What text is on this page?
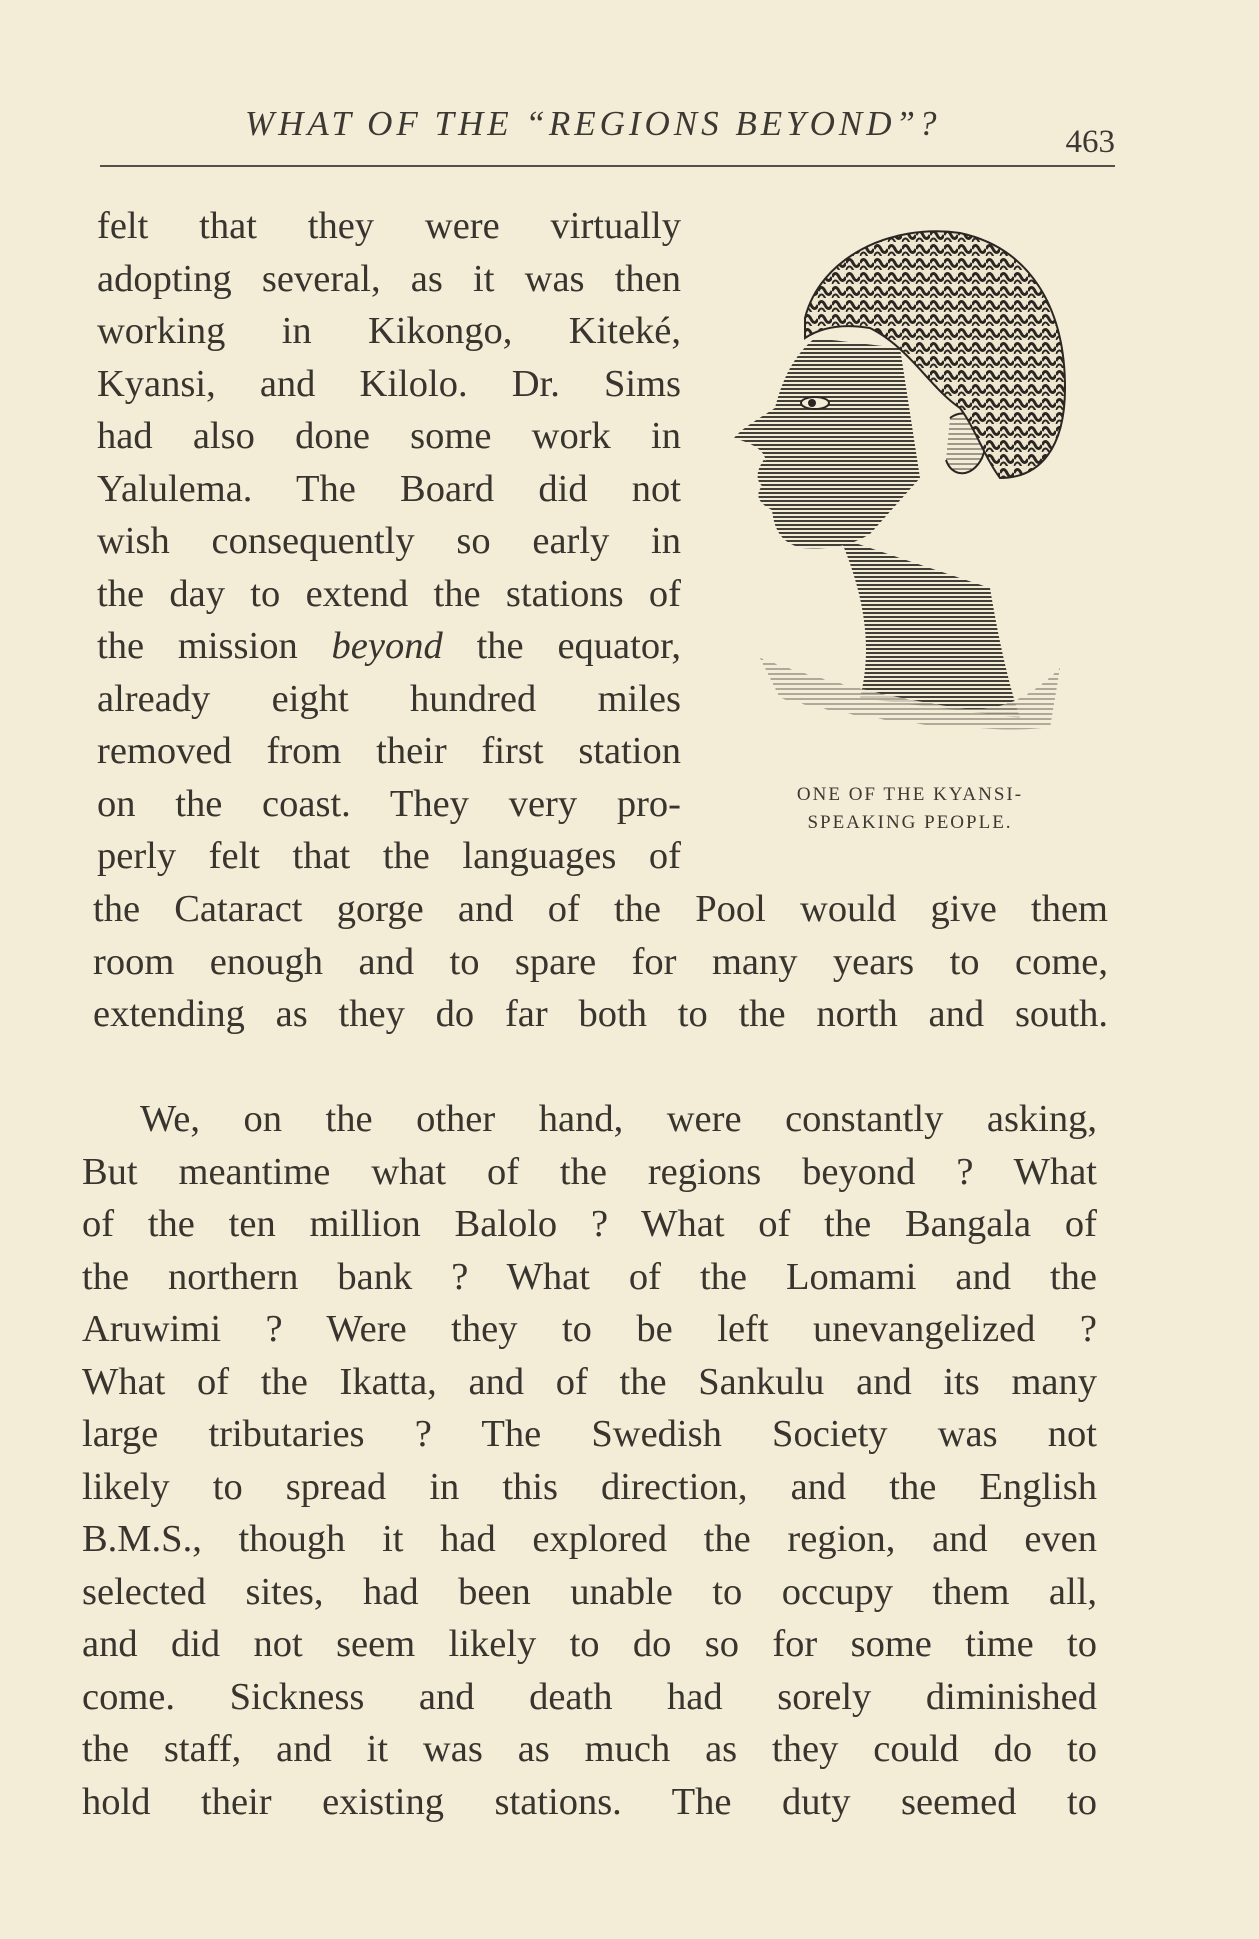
WHAT OF THE “REGIONS BEYOND”?	463
ONE OF THE KYANSI-
SPEAKING PEOPLE.
felt that they were virtually
adopting several, as it was then
working in Kikongo, Kiteké,
Kyansi, and Kilolo. Dr. Sims
had also done some work in
Yalulema. The Board did not
wish consequently so early in
the day to extend the stations of
the mission beyond the equator,
already eight hundred miles
removed from their first station
on the coast. They very pro-
perly felt that the languages of
the Cataract gorge and of the Pool would give them
room enough and to spare for many years to come,
extending as they do far both to the north and south.
We, on the other hand, were constantly asking,
But meantime what of the regions beyond ? What
of the ten million Balolo ? What of the Bangala of
the northern bank ? What of the Lomami and the
Aruwimi ? Were they to be left unevangelized ?
What of the Ikatta, and of the Sankulu and its many
large tributaries ? The Swedish Society was not
likely to spread in this direction, and the English
B.M.S., though it had explored the region, and even
selected sites, had been unable to occupy them all,
and did not seem likely to do so for some time to
come. Sickness and death had sorely diminished
the staff, and it was as much as they could do to
hold their existing stations. The duty seemed to
